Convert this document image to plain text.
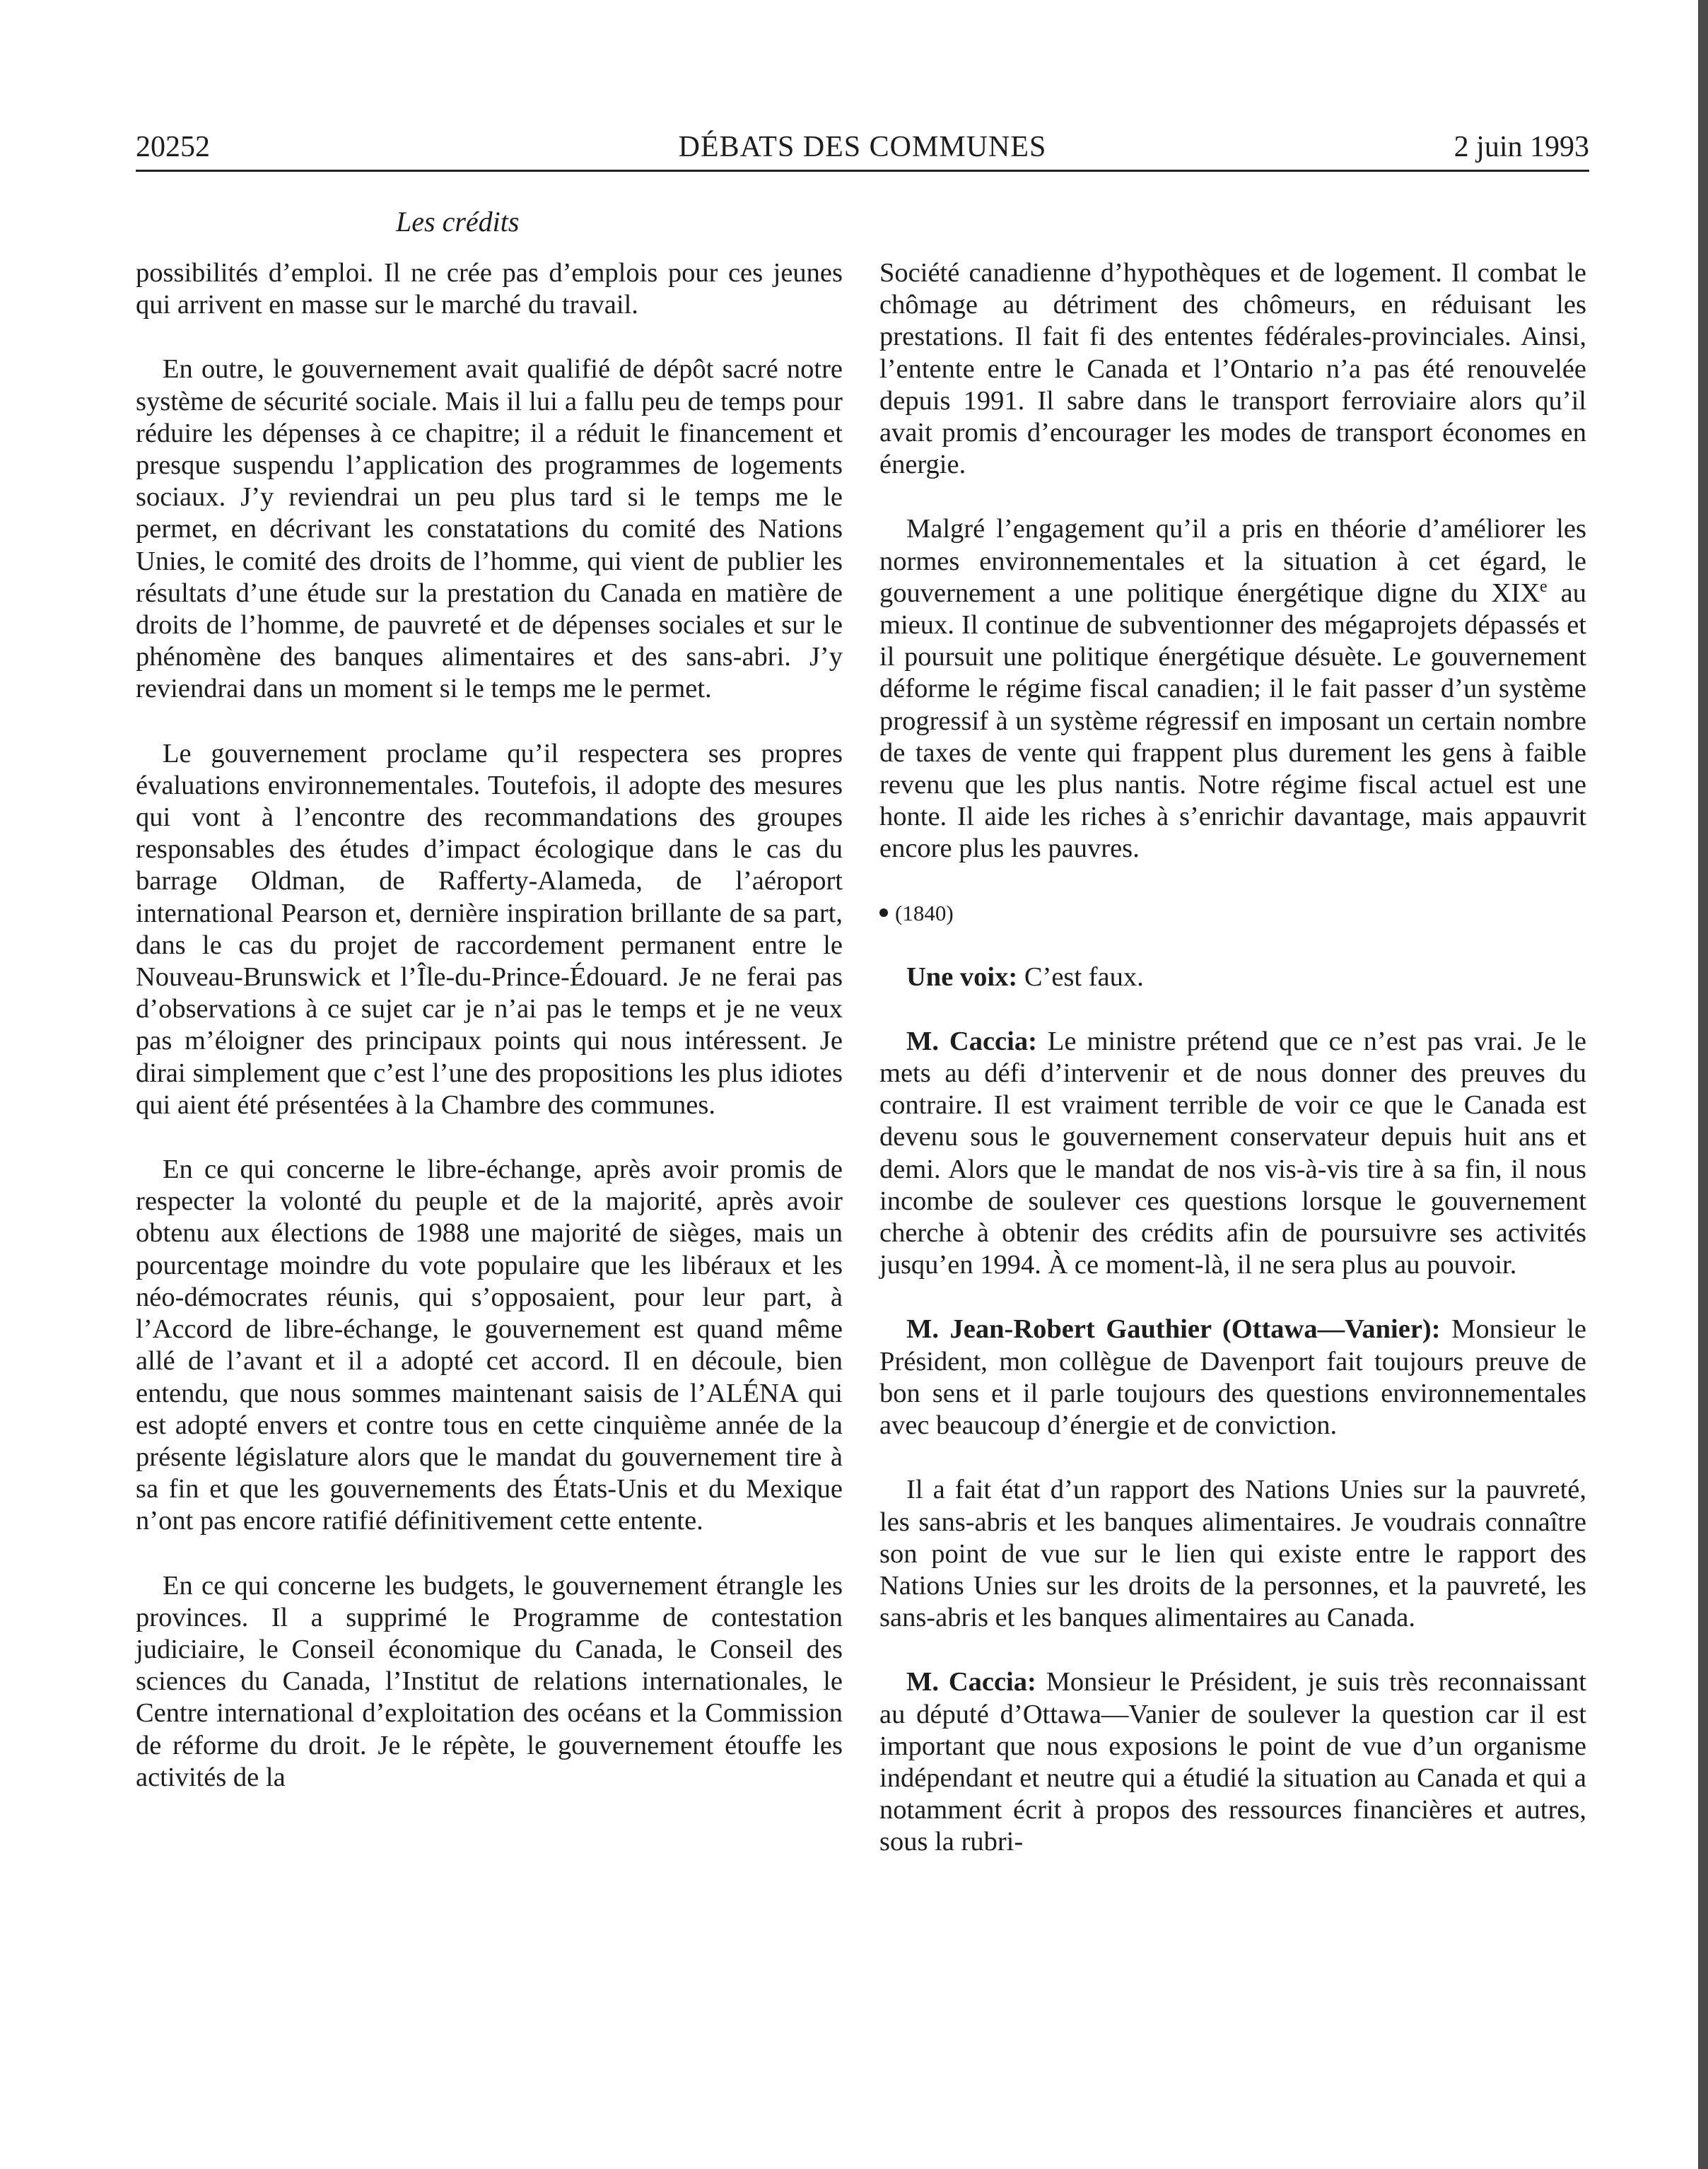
20252	DÉBATS DES COMMUNES	2 juin 1993
Les crédits

possibilités d’emploi. Il ne crée pas d’emplois pour ces jeunes qui arrivent en masse sur le marché du travail.

En outre, le gouvernement avait qualifié de dépôt sacré notre système de sécurité sociale. Mais il lui a fallu peu de temps pour réduire les dépenses à ce chapitre; il a réduit le financement et presque suspendu l’application des programmes de logements sociaux. J’y reviendrai un peu plus tard si le temps me le permet, en décrivant les constatations du comité des Nations Unies, le comité des droits de l’homme, qui vient de publier les résultats d’une étude sur la prestation du Canada en matière de droits de l’homme, de pauvreté et de dépenses sociales et sur le phénomène des banques alimentaires et des sans-abri. J’y reviendrai dans un moment si le temps me le permet.

Le gouvernement proclame qu’il respectera ses propres évaluations environnementales. Toutefois, il adopte des mesures qui vont à l’encontre des recommandations des groupes responsables des études d’impact écologique dans le cas du barrage Oldman, de Rafferty-Alameda, de l’aéroport international Pearson et, dernière inspiration brillante de sa part, dans le cas du projet de raccordement permanent entre le Nouveau-Brunswick et l’Île-du-Prince-Édouard. Je ne ferai pas d’observations à ce sujet car je n’ai pas le temps et je ne veux pas m’éloigner des principaux points qui nous intéressent. Je dirai simplement que c’est l’une des propositions les plus idiotes qui aient été présentées à la Chambre des communes.

En ce qui concerne le libre-échange, après avoir promis de respecter la volonté du peuple et de la majorité, après avoir obtenu aux élections de 1988 une majorité de sièges, mais un pourcentage moindre du vote populaire que les libéraux et les néo-démocrates réunis, qui s’opposaient, pour leur part, à l’Accord de libre-échange, le gouvernement est quand même allé de l’avant et il a adopté cet accord. Il en découle, bien entendu, que nous sommes maintenant saisis de l’ALÉNA qui est adopté envers et contre tous en cette cinquième année de la présente législature alors que le mandat du gouvernement tire à sa fin et que les gouvernements des États-Unis et du Mexique n’ont pas encore ratifié définitivement cette entente.

En ce qui concerne les budgets, le gouvernement étrangle les provinces. Il a supprimé le Programme de contestation judiciaire, le Conseil économique du Canada, le Conseil des sciences du Canada, l’Institut de relations internationales, le Centre international d’exploitation des océans et la Commission de réforme du droit. Je le répète, le gouvernement étouffe les activités de la

Société canadienne d’hypothèques et de logement. Il combat le chômage au détriment des chômeurs, en réduisant les prestations. Il fait fi des ententes fédérales-provinciales. Ainsi, l’entente entre le Canada et l’Ontario n’a pas été renouvelée depuis 1991. Il sabre dans le transport ferroviaire alors qu’il avait promis d’encourager les modes de transport économes en énergie.

Malgré l’engagement qu’il a pris en théorie d’améliorer les normes environnementales et la situation à cet égard, le gouvernement a une politique énergétique digne du XIXe au mieux. Il continue de subventionner des mégaprojets dépassés et il poursuit une politique énergétique désuète. Le gouvernement déforme le régime fiscal canadien; il le fait passer d’un système progressif à un système régressif en imposant un certain nombre de taxes de vente qui frappent plus durement les gens à faible revenu que les plus nantis. Notre régime fiscal actuel est une honte. Il aide les riches à s’enrichir davantage, mais appauvrit encore plus les pauvres.

(1840)

Une voix: C’est faux.

M. Caccia: Le ministre prétend que ce n’est pas vrai. Je le mets au défi d’intervenir et de nous donner des preuves du contraire. Il est vraiment terrible de voir ce que le Canada est devenu sous le gouvernement conservateur depuis huit ans et demi. Alors que le mandat de nos vis-à-vis tire à sa fin, il nous incombe de soulever ces questions lorsque le gouvernement cherche à obtenir des crédits afin de poursuivre ses activités jusqu’en 1994. À ce moment-là, il ne sera plus au pouvoir.

M. Jean-Robert Gauthier (Ottawa—Vanier): Monsieur le Président, mon collègue de Davenport fait toujours preuve de bon sens et il parle toujours des questions environnementales avec beaucoup d’énergie et de conviction.

Il a fait état d’un rapport des Nations Unies sur la pauvreté, les sans-abris et les banques alimentaires. Je voudrais connaître son point de vue sur le lien qui existe entre le rapport des Nations Unies sur les droits de la personnes, et la pauvreté, les sans-abris et les banques alimentaires au Canada.

M. Caccia: Monsieur le Président, je suis très reconnaissant au député d’Ottawa—Vanier de soulever la question car il est important que nous exposions le point de vue d’un organisme indépendant et neutre qui a étudié la situation au Canada et qui a notamment écrit à propos des ressources financières et autres, sous la rubri-
